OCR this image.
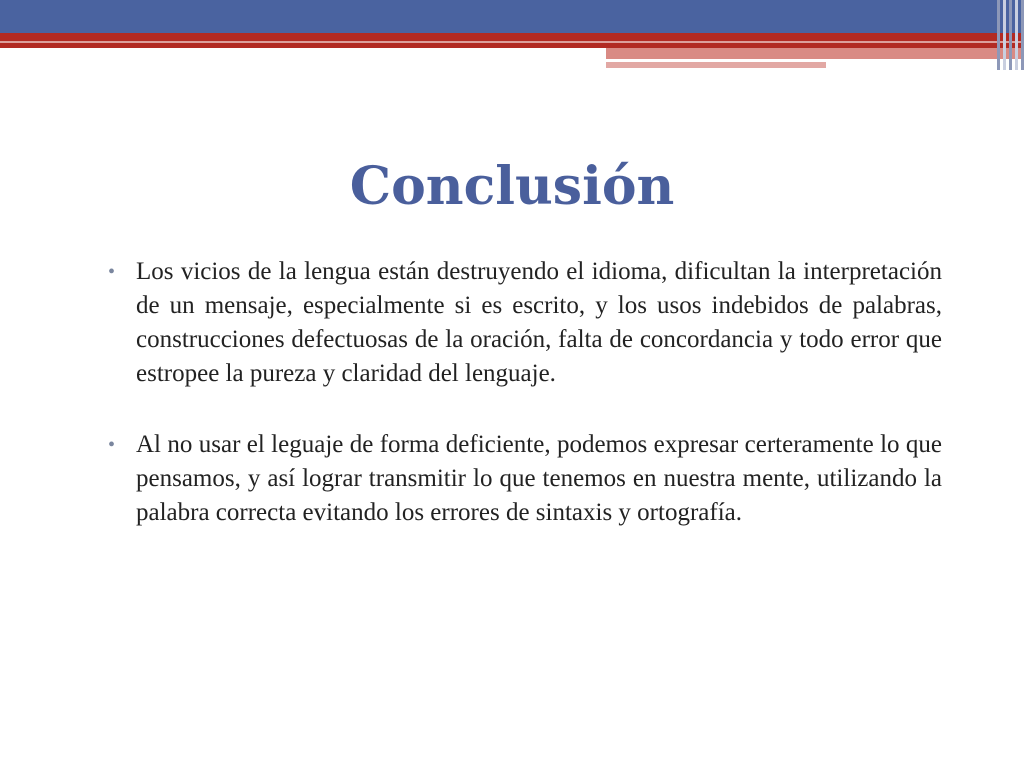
Conclusión
• Los vicios de la lengua están destruyendo el idioma, dificultan la interpretación de un mensaje, especialmente si es escrito, y los usos indebidos de palabras, construcciones defectuosas de la oración, falta de concordancia y todo error que estropee la pureza y claridad del lenguaje.
• Al no usar el leguaje de forma deficiente, podemos expresar certeramente lo que pensamos, y así lograr transmitir lo que tenemos en nuestra mente, utilizando la palabra correcta evitando los errores de sintaxis y ortografía.
